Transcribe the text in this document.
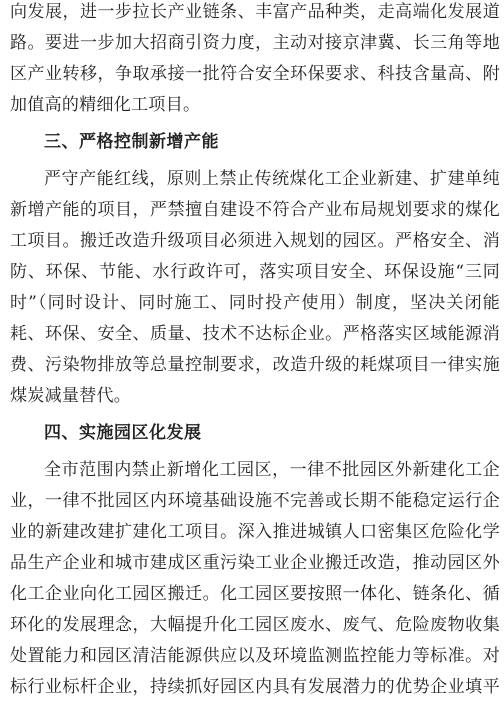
向发展，进一步拉长产业链条、丰富产品种类，走高端化发展道
路。要进一步加大招商引资力度，主动对接京津冀、长三角等地
区产业转移，争取承接一批符合安全环保要求、科技含量高、附
加值高的精细化工项目。
三、严格控制新增产能
严守产能红线，原则上禁止传统煤化工企业新建、扩建单纯
新增产能的项目，严禁擅自建设不符合产业布局规划要求的煤化
工项目。搬迁改造升级项目必须进入规划的园区。严格安全、消
防、环保、节能、水行政许可，落实项目安全、环保设施“三同
时”（同时设计、同时施工、同时投产使用）制度，坚决关闭能
耗、环保、安全、质量、技术不达标企业。严格落实区域能源消
费、污染物排放等总量控制要求，改造升级的耗煤项目一律实施
煤炭减量替代。
四、实施园区化发展
全市范围内禁止新增化工园区，一律不批园区外新建化工企
业，一律不批园区内环境基础设施不完善或长期不能稳定运行企
业的新建改建扩建化工项目。深入推进城镇人口密集区危险化学
品生产企业和城市建成区重污染工业企业搬迁改造，推动园区外
化工企业向化工园区搬迁。化工园区要按照一体化、链条化、循
环化的发展理念，大幅提升化工园区废水、废气、危险废物收集
处置能力和园区清洁能源供应以及环境监测监控能力等标准。对
标行业标杆企业，持续抓好园区内具有发展潜力的优势企业填平
